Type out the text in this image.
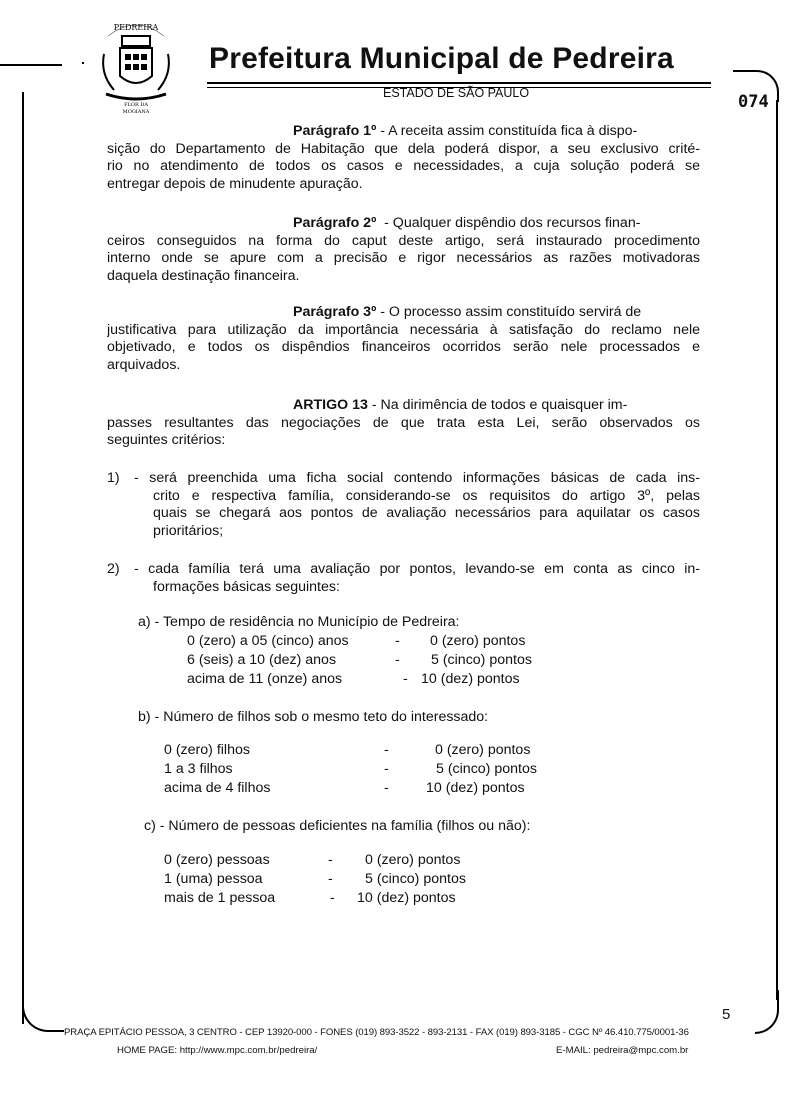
PEDREIRA
FLOR DA
MOGIANA
Prefeitura Municipal de Pedreira
ESTADO DE SÃO PAULO	074
Parágrafo 1º - A receita assim constituída fica à dispo-
sição do Departamento de Habitação que dela poderá dispor, a seu exclusivo crité-
rio no atendimento de todos os casos e necessidades, a cuja solução poderá se
entregar depois de minudente apuração.
Parágrafo 2º  - Qualquer dispêndio dos recursos finan-
ceiros conseguidos na forma do caput deste artigo, será instaurado procedimento
interno onde se apure com a precisão e rigor necessários as razões motivadoras
daquela destinação financeira.
Parágrafo 3º - O processo assim constituído servirá de
justificativa para utilização da importância necessária à satisfação do reclamo nele
objetivado, e todos os dispêndios financeiros ocorridos serão nele processados e
arquivados.
ARTIGO 13 - Na dirimência de todos e quaisquer im-
passes resultantes das negociações de que trata esta Lei, serão observados os
seguintes critérios:
1) - será preenchida uma ficha social contendo informações básicas de cada ins-
crito e respectiva família, considerando-se os requisitos do artigo 3º, pelas
quais se chegará aos pontos de avaliação necessários para aquilatar os casos
prioritários;
2) - cada família terá uma avaliação por pontos, levando-se em conta as cinco in-
formações básicas seguintes:
a) - Tempo de residência no Município de Pedreira:
0 (zero) a 05 (cinco) anos	- 0 (zero) pontos
6 (seis) a 10 (dez) anos	- 5 (cinco) pontos
acima de 11 (onze) anos	- 10 (dez) pontos
b) - Número de filhos sob o mesmo teto do interessado:
0 (zero) filhos	-	0 (zero) pontos
1 a 3 filhos	-	5 (cinco) pontos
acima de 4 filhos	-	10 (dez) pontos
c) - Número de pessoas deficientes na família (filhos ou não):
0 (zero) pessoas	- 0 (zero) pontos
1 (uma) pessoa	- 5 (cinco) pontos
mais de 1 pessoa	- 10 (dez) pontos
5
PRAÇA EPITÁCIO PESSOA, 3 CENTRO - CEP 13920-000 - FONES (019) 893-3522 - 893-2131 - FAX (019) 893-3185 - CGC Nº 46.410.775/0001-36
HOME PAGE: http://www.mpc.com.br/pedreira/	E-MAIL: pedreira@mpc.com.br
